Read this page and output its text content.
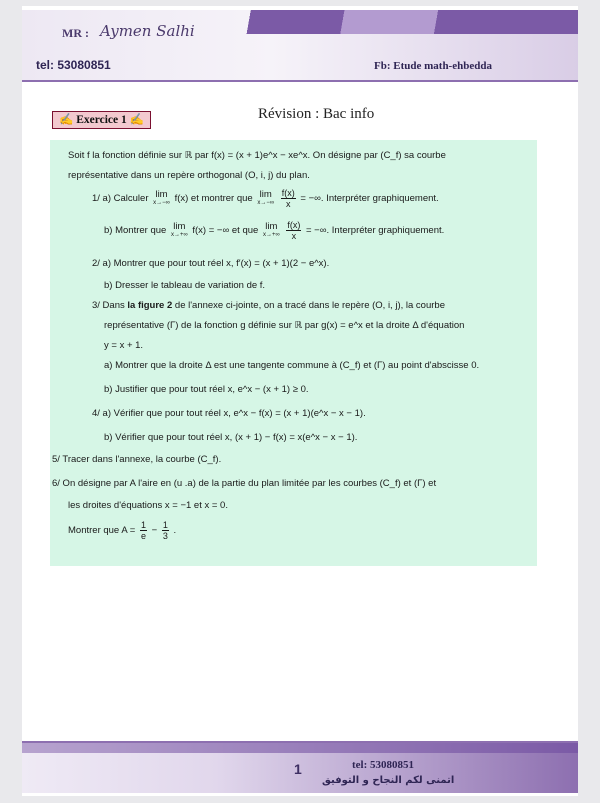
MR : Aymen Salhi
tel: 53080851	Fb: Etude math-ehbedda
✍ Exercice 1 ✍	Révision : Bac info
Soit f la fonction définie sur ℝ par f(x) = (x + 1)e^x − xe^x. On désigne par (C_f) sa courbe
représentative dans un repère orthogonal (O, i, j) du plan.
1/ a) Calculer lim
x→−∞ f(x) et montrer que lim
x→−∞
$\frac{f(x)}{x}$ = −∞. Interpréter graphiquement.
b) Montrer que lim
x→+∞ f(x) = −∞ et que lim
x→+∞
$\frac{f(x)}{x}$ = −∞. Interpréter graphiquement.
2/ a) Montrer que pour tout réel x, f′(x) = (x + 1)(2 − e^x).
b) Dresser le tableau de variation de f.
3/ Dans la figure 2 de l'annexe ci-jointe, on a tracé dans le repère (O, i, j), la courbe
représentative (Γ) de la fonction g définie sur ℝ par g(x) = e^x et la droite Δ d'équation
y = x + 1.
a) Montrer que la droite Δ est une tangente commune à (C_f) et (Γ) au point d'abscisse 0.
b) Justifier que pour tout réel x, e^x − (x + 1) ≥ 0.
4/ a) Vérifier que pour tout réel x, e^x − f(x) = (x + 1)(e^x − x − 1).
b) Vérifier que pour tout réel x, (x + 1) − f(x) = x(e^x − x − 1).
5/ Tracer dans l'annexe, la courbe (C_f).
6/ On désigne par A l'aire en (u .a) de la partie du plan limitée par les courbes (C_f) et (Γ) et
les droites d'équations x = −1 et x = 0.
Montrer que $A = \frac{1}{e} - \frac{1}{3}$ .
1	tel: 53080851
اتمنى لكم النجاح و التوفيق
